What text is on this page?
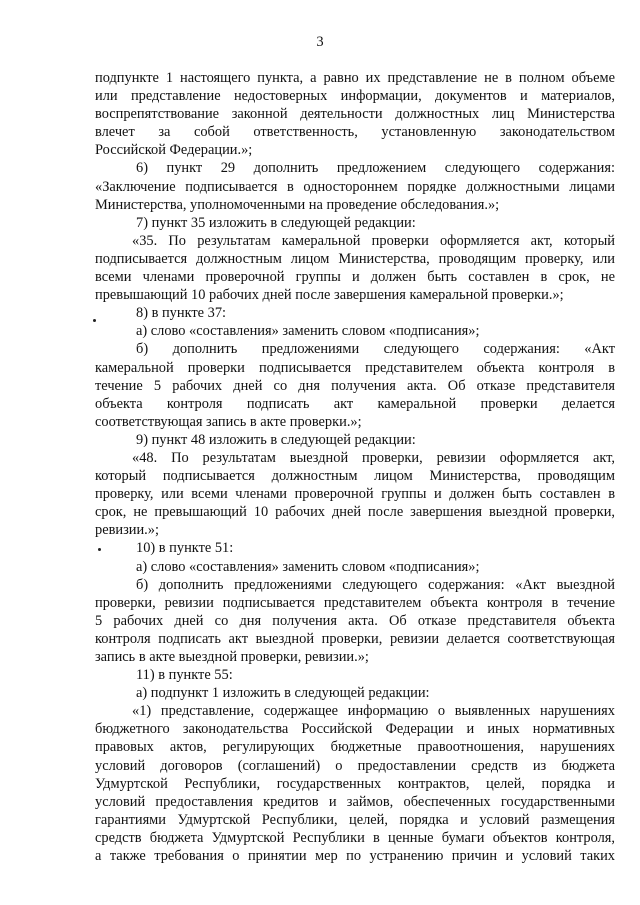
3
подпункте 1 настоящего пункта, а равно их представление не в полном объеме
или представление недостоверных информации, документов и материалов,
воспрепятствование законной деятельности должностных лиц Министерства
влечет за собой ответственность, установленную законодательством
Российской Федерации.»;
6) пункт 29 дополнить предложением следующего содержания:
«Заключение подписывается в одностороннем порядке должностными лицами
Министерства, уполномоченными на проведение обследования.»;
7) пункт 35 изложить в следующей редакции:
«35. По результатам камеральной проверки оформляется акт, который
подписывается должностным лицом Министерства, проводящим проверку, или
всеми членами проверочной группы и должен быть составлен в срок, не
превышающий 10 рабочих дней после завершения камеральной проверки.»;
8) в пункте 37:
а) слово «составления» заменить словом «подписания»;
б) дополнить предложениями следующего содержания: «Акт
камеральной проверки подписывается представителем объекта контроля в
течение 5 рабочих дней со дня получения акта. Об отказе представителя
объекта контроля подписать акт камеральной проверки делается
соответствующая запись в акте проверки.»;
9) пункт 48 изложить в следующей редакции:
«48. По результатам выездной проверки, ревизии оформляется акт,
который подписывается должностным лицом Министерства, проводящим
проверку, или всеми членами проверочной группы и должен быть составлен в
срок, не превышающий 10 рабочих дней после завершения выездной проверки,
ревизии.»;
10) в пункте 51:
а) слово «составления» заменить словом «подписания»;
б) дополнить предложениями следующего содержания: «Акт выездной
проверки, ревизии подписывается представителем объекта контроля в течение
5 рабочих дней со дня получения акта. Об отказе представителя объекта
контроля подписать акт выездной проверки, ревизии делается соответствующая
запись в акте выездной проверки, ревизии.»;
11) в пункте 55:
а) подпункт 1 изложить в следующей редакции:
«1) представление, содержащее информацию о выявленных нарушениях
бюджетного законодательства Российской Федерации и иных нормативных
правовых актов, регулирующих бюджетные правоотношения, нарушениях
условий договоров (соглашений) о предоставлении средств из бюджета
Удмуртской Республики, государственных контрактов, целей, порядка и
условий предоставления кредитов и займов, обеспеченных государственными
гарантиями Удмуртской Республики, целей, порядка и условий размещения
средств бюджета Удмуртской Республики в ценные бумаги объектов контроля,
а также требования о принятии мер по устранению причин и условий таких
